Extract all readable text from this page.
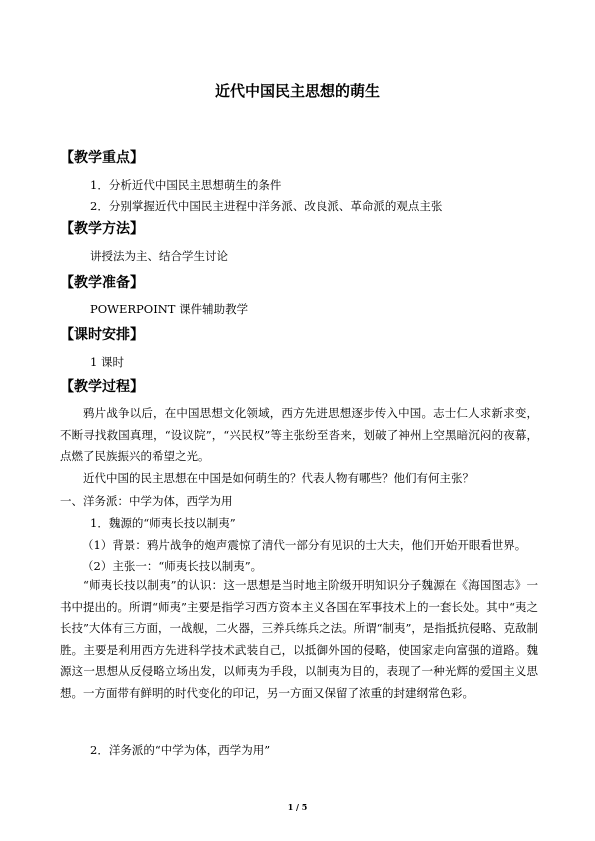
近代中国民主思想的萌生
【教学重点】
1．分析近代中国民主思想萌生的条件
2．分别掌握近代中国民主进程中洋务派、改良派、革命派的观点主张
【教学方法】
讲授法为主、结合学生讨论
【教学准备】
POWERPOINT 课件辅助教学
【课时安排】
1 课时
【教学过程】
鸦片战争以后，在中国思想文化领域，西方先进思想逐步传入中国。志士仁人求新求变，不断寻找救国真理，“设议院”，“兴民权”等主张纷至沓来，划破了神州上空黑暗沉闷的夜幕，点燃了民族振兴的希望之光。
近代中国的民主思想在中国是如何萌生的？代表人物有哪些？他们有何主张？
一、洋务派：中学为体，西学为用
1．魏源的“师夷长技以制夷”
（1）背景：鸦片战争的炮声震惊了清代一部分有见识的士大夫，他们开始开眼看世界。
（2）主张一：“师夷长技以制夷”。
“师夷长技以制夷”的认识：这一思想是当时地主阶级开明知识分子魏源在《海国图志》一书中提出的。所谓“师夷”主要是指学习西方资本主义各国在军事技术上的一套长处。其中“夷之长技”大体有三方面，一战舰，二火器，三养兵练兵之法。所谓“制夷”，是指抵抗侵略、克敌制胜。主要是利用西方先进科学技术武装自己，以抵御外国的侵略，使国家走向富强的道路。魏源这一思想从反侵略立场出发，以师夷为手段，以制夷为目的，表现了一种光辉的爱国主义思想。一方面带有鲜明的时代变化的印记，另一方面又保留了浓重的封建纲常色彩。
2．洋务派的“中学为体，西学为用”
1 / 5
